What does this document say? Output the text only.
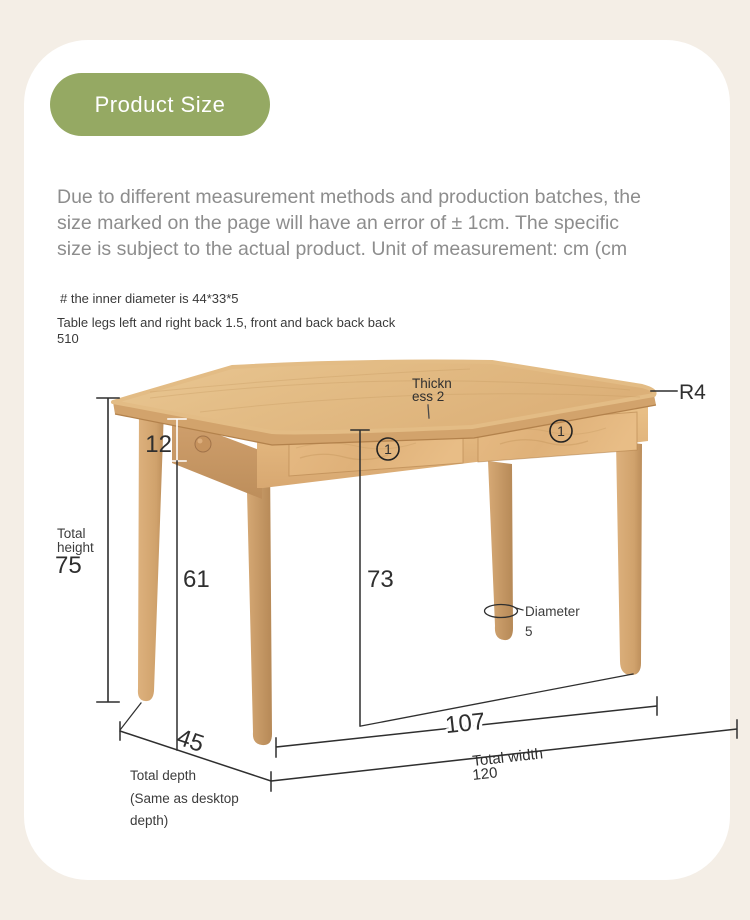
Product Size

Due to different measurement methods and production batches, the size marked on the page will have an error of ± 1cm. The specific size is subject to the actual product. Unit of measurement: cm (cm

# the inner diameter is 44*33*5
Table legs left and right back 1.5, front and back back back 510
Total
height
75
12
61	73
107
Total width
120
45
Total depth
(Same as desktop
depth)
Diameter
5
Thickn
ess 2	R4
1
1
